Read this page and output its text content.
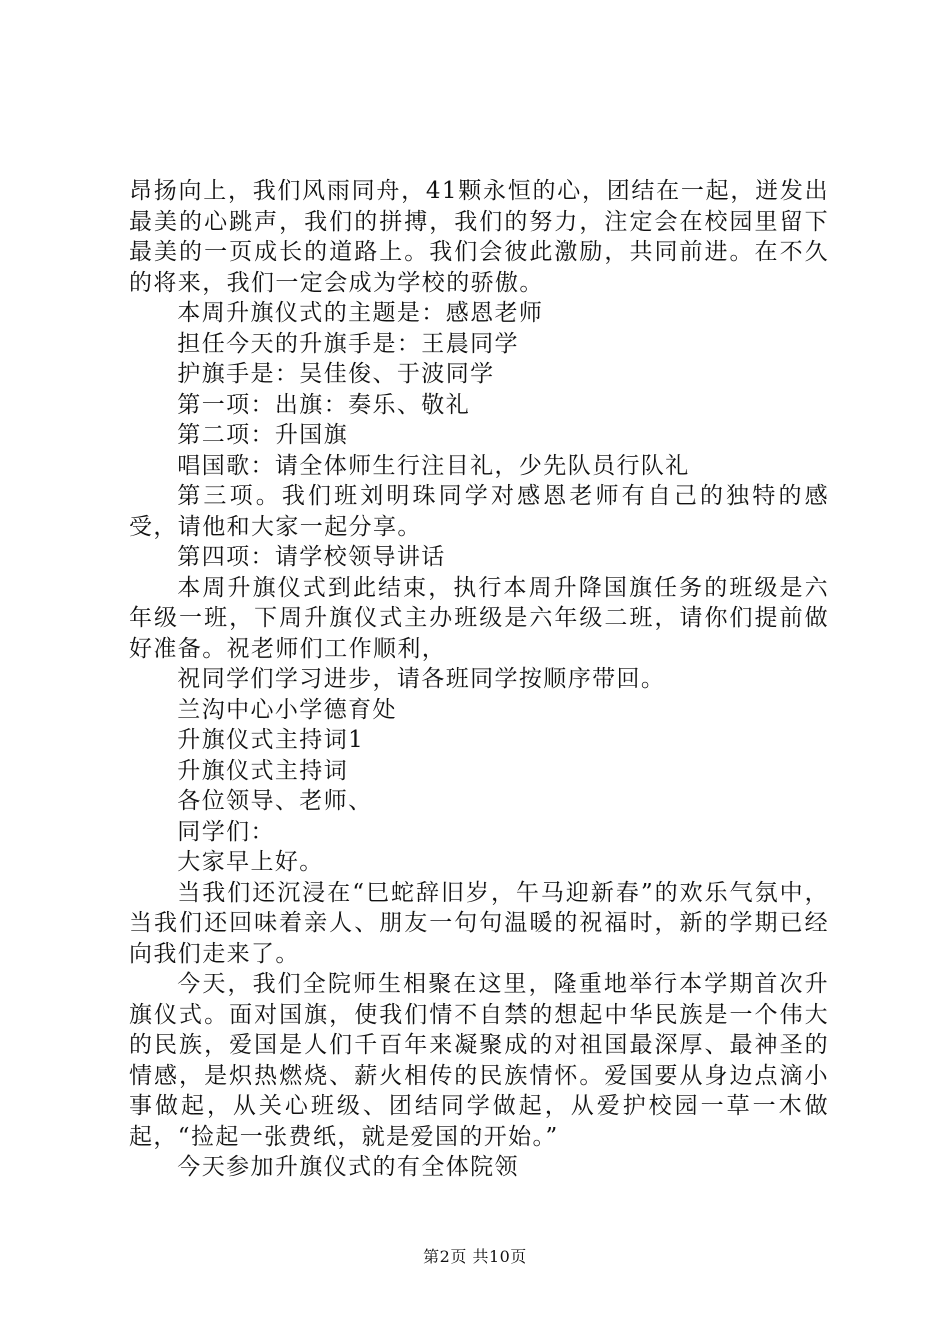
昂扬向上，我们风雨同舟，41颗永恒的心，团结在一起，迸发出最美的心跳声，我们的拼搏，我们的努力，注定会在校园里留下最美的一页成长的道路上。我们会彼此激励，共同前进。在不久的将来，我们一定会成为学校的骄傲。

本周升旗仪式的主题是：感恩老师

担任今天的升旗手是：王晨同学

护旗手是：吴佳俊、于波同学

第一项：出旗：奏乐、敬礼

第二项：升国旗

唱国歌：请全体师生行注目礼，少先队员行队礼

第三项。我们班刘明珠同学对感恩老师有自己的独特的感受，请他和大家一起分享。

第四项：请学校领导讲话

本周升旗仪式到此结束，执行本周升降国旗任务的班级是六年级一班，下周升旗仪式主办班级是六年级二班，请你们提前做好准备。祝老师们工作顺利，

祝同学们学习进步，请各班同学按顺序带回。

兰沟中心小学德育处

升旗仪式主持词1

升旗仪式主持词

各位领导、老师、

同学们：

大家早上好。

当我们还沉浸在“巳蛇辞旧岁，午马迎新春”的欢乐气氛中，当我们还回味着亲人、朋友一句句温暖的祝福时，新的学期已经向我们走来了。

今天，我们全院师生相聚在这里，隆重地举行本学期首次升旗仪式。面对国旗，使我们情不自禁的想起中华民族是一个伟大的民族，爱国是人们千百年来凝聚成的对祖国最深厚、最神圣的情感，是炽热燃烧、薪火相传的民族情怀。爱国要从身边点滴小事做起，从关心班级、团结同学做起，从爱护校园一草一木做起，“捡起一张费纸，就是爱国的开始。”

今天参加升旗仪式的有全体院领

第2页 共10页
